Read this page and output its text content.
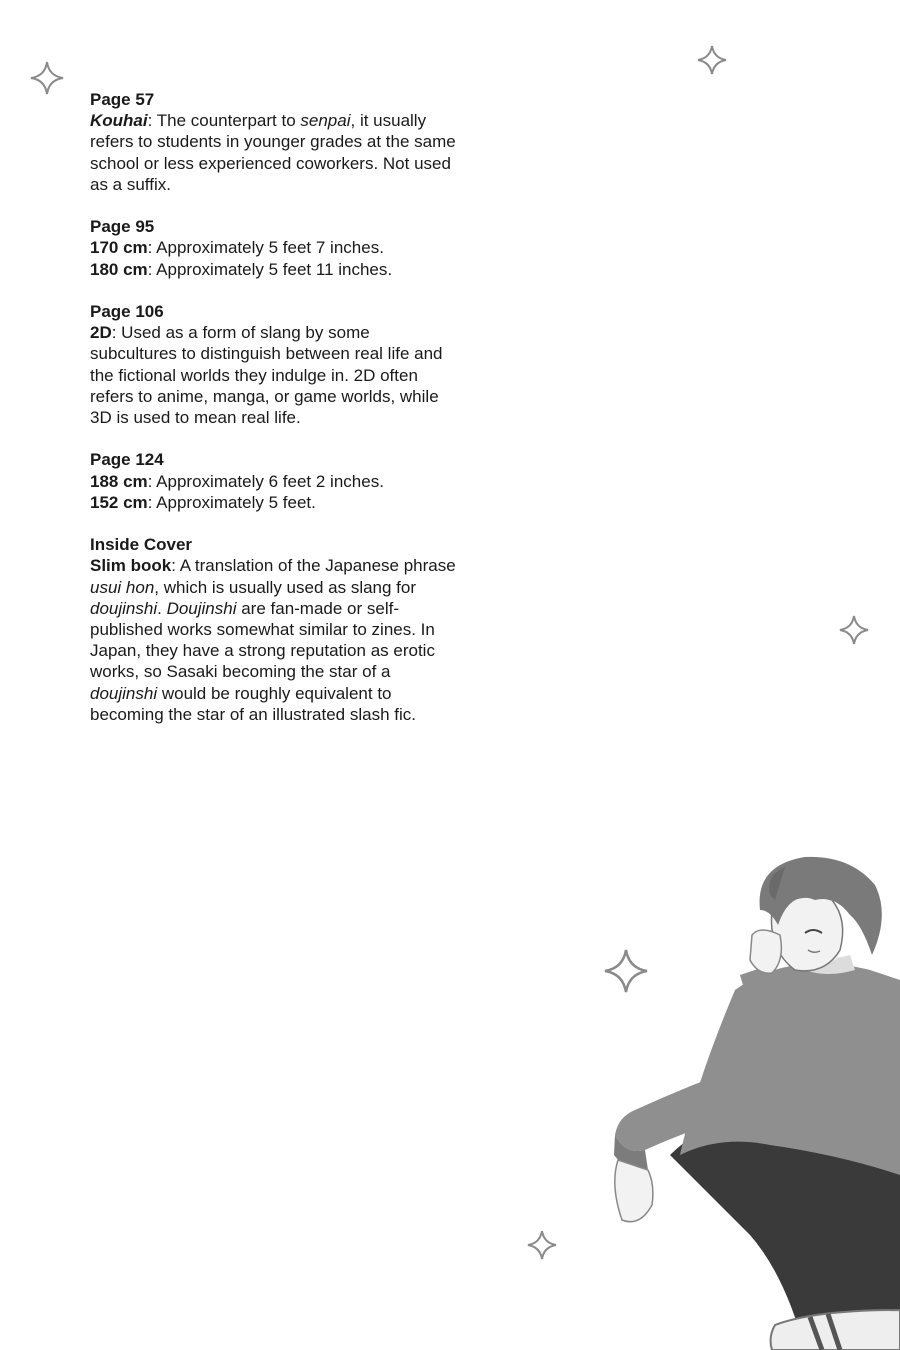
Page 57

Kouhai: The counterpart to senpai, it usually refers to students in younger grades at the same school or less experienced coworkers. Not used as a suffix.

Page 95

170 cm: Approximately 5 feet 7 inches.

180 cm: Approximately 5 feet 11 inches.

Page 106

2D: Used as a form of slang by some subcultures to distinguish between real life and the fictional worlds they indulge in. 2D often refers to anime, manga, or game worlds, while 3D is used to mean real life.

Page 124

188 cm: Approximately 6 feet 2 inches.

152 cm: Approximately 5 feet.

Inside Cover

Slim book: A translation of the Japanese phrase usui hon, which is usually used as slang for doujinshi. Doujinshi are fan-made or self-published works somewhat similar to zines. In Japan, they have a strong reputation as erotic works, so Sasaki becoming the star of a doujinshi would be roughly equivalent to becoming the star of an illustrated slash fic.
